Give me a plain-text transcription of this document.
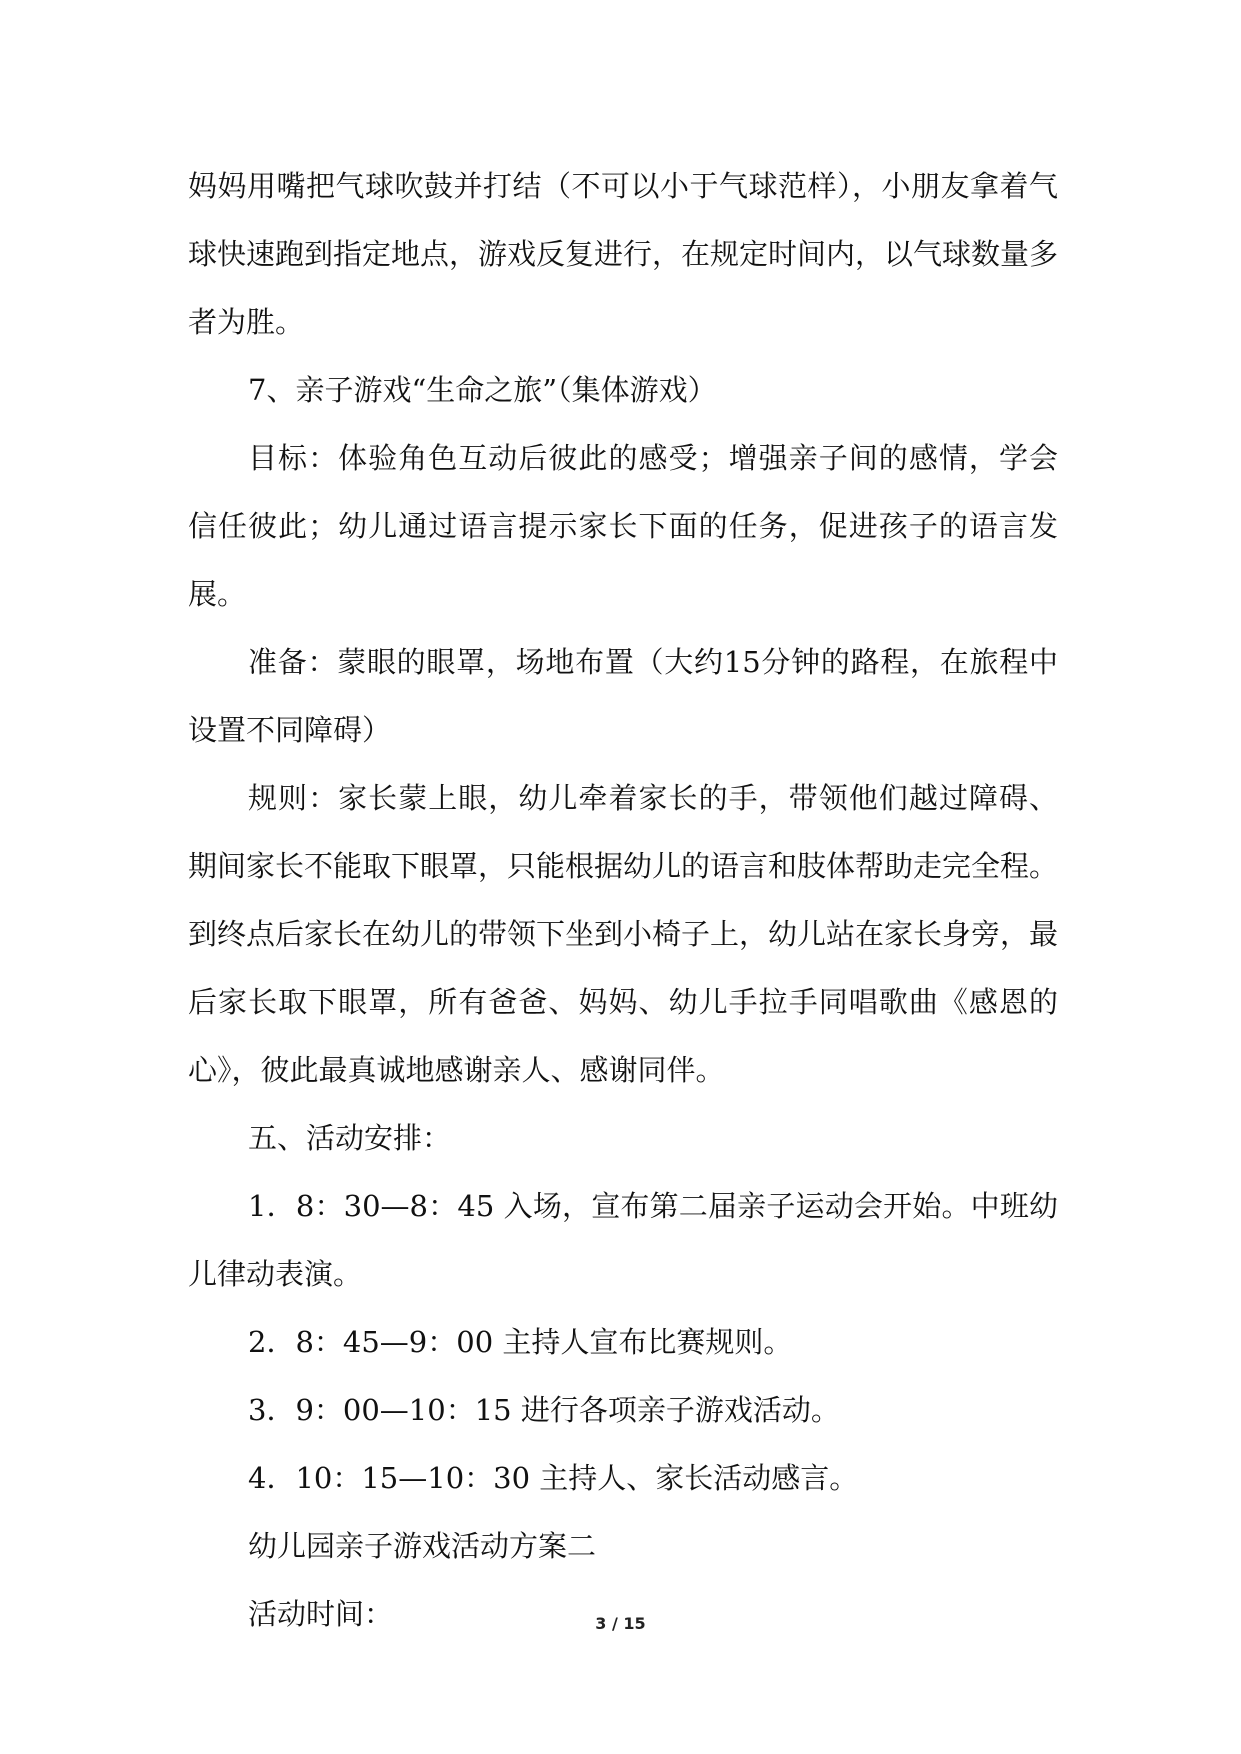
妈妈用嘴把气球吹鼓并打结（不可以小于气球范样），小朋友拿着气球快速跑到指定地点，游戏反复进行，在规定时间内，以气球数量多者为胜。

7、亲子游戏“生命之旅”（集体游戏）

目标：体验角色互动后彼此的感受；增强亲子间的感情，学会信任彼此；幼儿通过语言提示家长下面的任务，促进孩子的语言发展。

准备：蒙眼的眼罩，场地布置（大约15分钟的路程，在旅程中设置不同障碍）

规则：家长蒙上眼，幼儿牵着家长的手，带领他们越过障碍、期间家长不能取下眼罩，只能根据幼儿的语言和肢体帮助走完全程。到终点后家长在幼儿的带领下坐到小椅子上，幼儿站在家长身旁，最后家长取下眼罩，所有爸爸、妈妈、幼儿手拉手同唱歌曲《感恩的心》，彼此最真诚地感谢亲人、感谢同伴。

五、活动安排：

1．8：30—8：45 入场，宣布第二届亲子运动会开始。中班幼儿律动表演。

2．8：45—9：00 主持人宣布比赛规则。

3．9：00—10：15 进行各项亲子游戏活动。

4．10：15—10：30 主持人、家长活动感言。

幼儿园亲子游戏活动方案二

活动时间：	3 / 15
